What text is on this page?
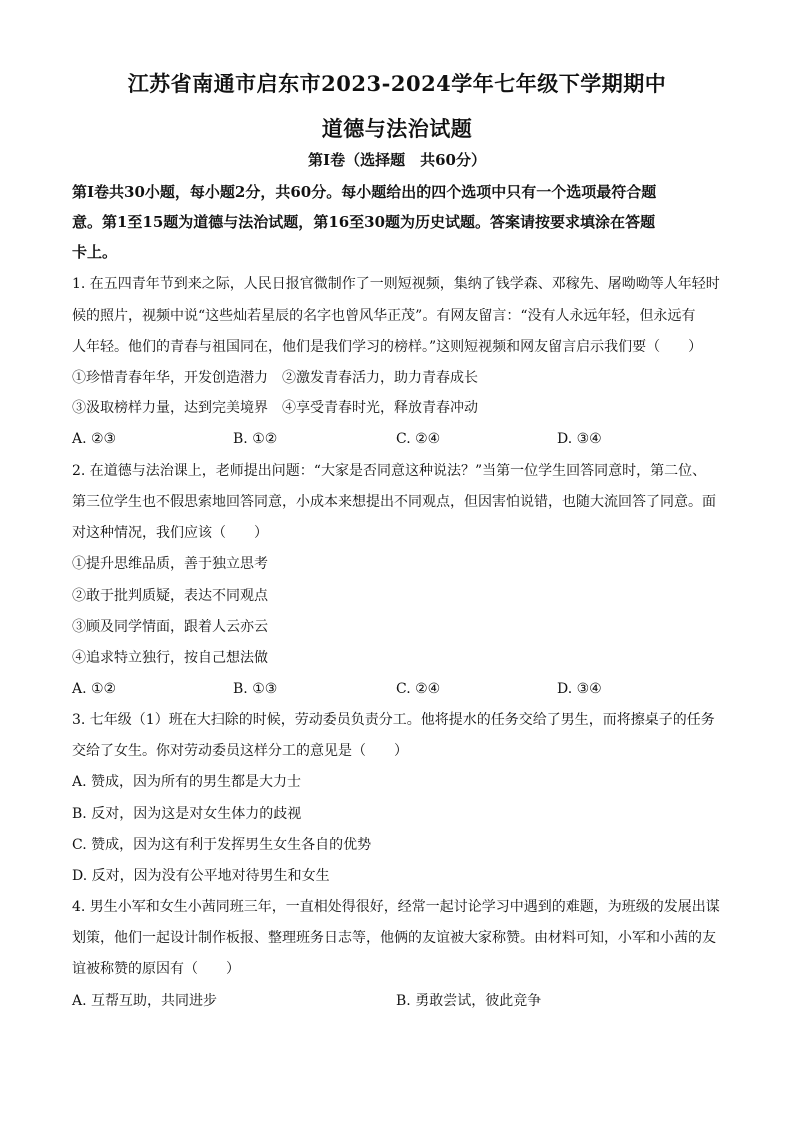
江苏省南通市启东市2023-2024学年七年级下学期期中
道德与法治试题
第Ⅰ卷（选择题　共60分）
第Ⅰ卷共30小题，每小题2分，共60分。每小题给出的四个选项中只有一个选项最符合题
意。第1至15题为道德与法治试题，第16至30题为历史试题。答案请按要求填涂在答题
卡上。
1. 在五四青年节到来之际，人民日报官微制作了一则短视频，集纳了钱学森、邓稼先、屠呦呦等人年轻时
候的照片，视频中说“这些灿若星辰的名字也曾风华正茂”。有网友留言：“没有人永远年轻，但永远有
人年轻。他们的青春与祖国同在，他们是我们学习的榜样。”这则短视频和网友留言启示我们要（　　）
①珍惜青春年华，开发创造潜力　②激发青春活力，助力青春成长
③汲取榜样力量，达到完美境界　④享受青春时光，释放青春冲动
A. ②③	B. ①②	C. ②④	D. ③④
2. 在道德与法治课上，老师提出问题：“大家是否同意这种说法？”当第一位学生回答同意时，第二位、
第三位学生也不假思索地回答同意，小成本来想提出不同观点，但因害怕说错，也随大流回答了同意。面
对这种情况，我们应该（　　）
①提升思维品质，善于独立思考
②敢于批判质疑，表达不同观点
③顾及同学情面，跟着人云亦云
④追求特立独行，按自己想法做
A. ①②	B. ①③	C. ②④	D. ③④
3. 七年级（1）班在大扫除的时候，劳动委员负责分工。他将提水的任务交给了男生，而将擦桌子的任务
交给了女生。你对劳动委员这样分工的意见是（　　）
A. 赞成，因为所有的男生都是大力士
B. 反对，因为这是对女生体力的歧视
C. 赞成，因为这有利于发挥男生女生各自的优势
D. 反对，因为没有公平地对待男生和女生
4. 男生小军和女生小茜同班三年，一直相处得很好，经常一起讨论学习中遇到的难题，为班级的发展出谋
划策，他们一起设计制作板报、整理班务日志等，他俩的友谊被大家称赞。由材料可知，小军和小茜的友
谊被称赞的原因有（　　）
A. 互帮互助，共同进步	B. 勇敢尝试，彼此竞争
